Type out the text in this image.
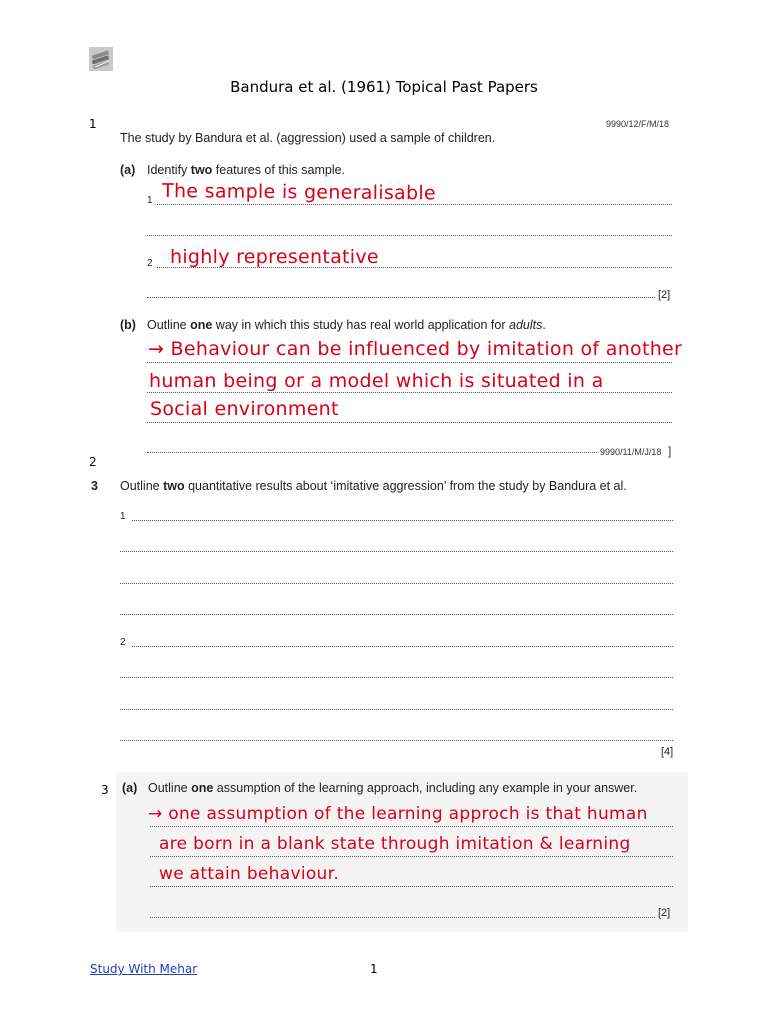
Bandura et al. (1961) Topical Past Papers
1	9990/12/F/M/18
The study by Bandura et al. (aggression) used a sample of children.
(a) Identify two features of this sample.
1 The sample is generalisable
2 highly representative
[2]
(b) Outline one way in which this study has real world application for adults.
→ Behaviour can be influenced by imitation of another
human being or a model which is situated in a
Social environment
9990/11/M/J/18 ]
2
3 Outline two quantitative results about ‘imitative aggression’ from the study by Bandura et al.
1
2
[4]
3 (a) Outline one assumption of the learning approach, including any example in your answer.
→ one assumption of the learning approch is that human
are born in a blank state through imitation & learning
we attain behaviour.
[2]
Study With Mehar	1
